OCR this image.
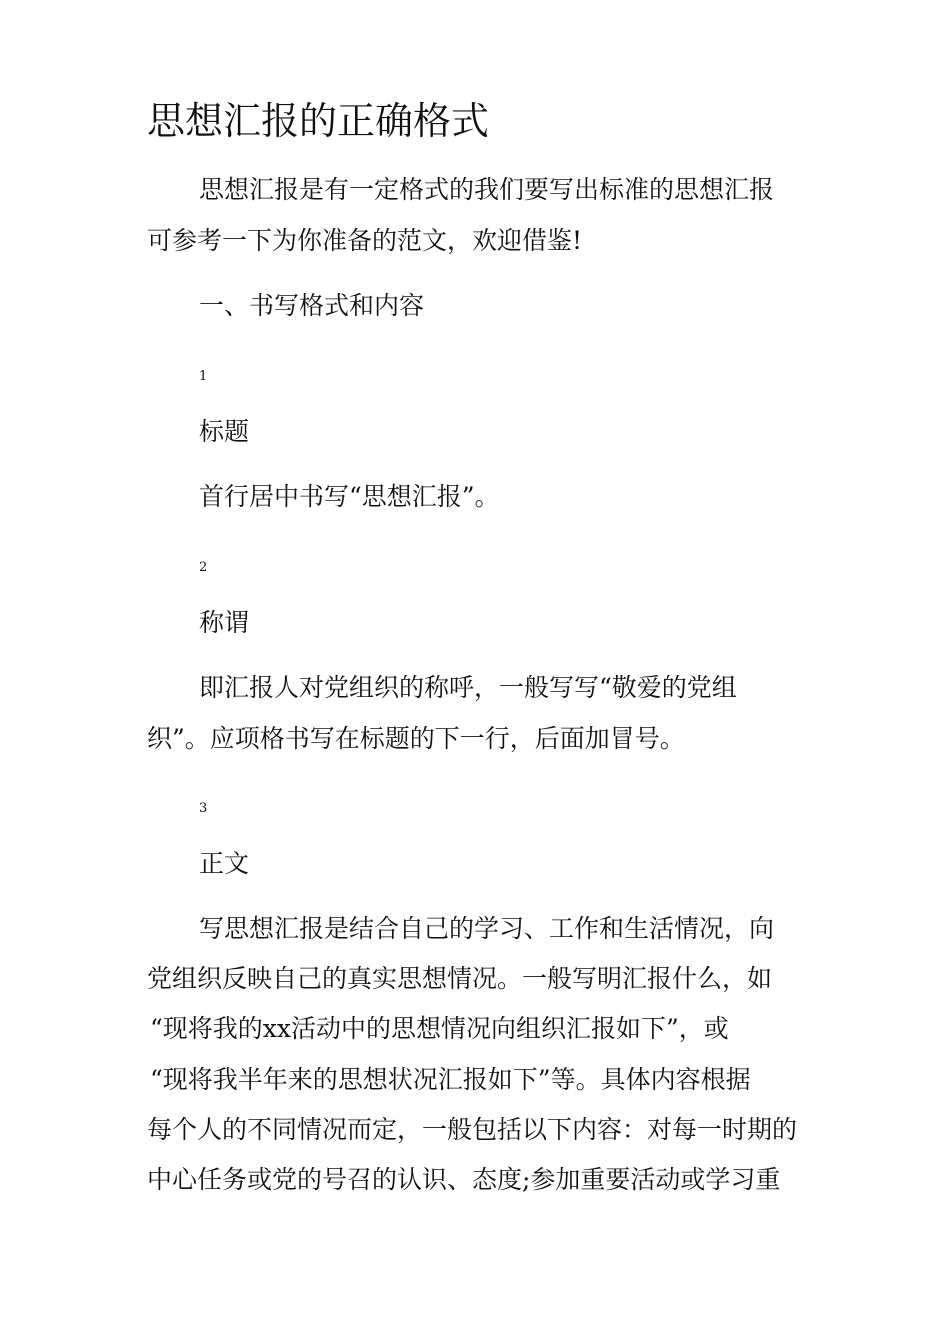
思想汇报的正确格式

思想汇报是有一定格式的我们要写出标准的思想汇报

可参考一下为你准备的范文，欢迎借鉴!

一、书写格式和内容

1

标题

首行居中书写“思想汇报”。

2

称谓

即汇报人对党组织的称呼，一般写写“敬爱的党组

织”。应项格书写在标题的下一行，后面加冒号。

3

正文

写思想汇报是结合自己的学习、工作和生活情况，向

党组织反映自己的真实思想情况。一般写明汇报什么，如

“现将我的xx活动中的思想情况向组织汇报如下”，或

“现将我半年来的思想状况汇报如下”等。具体内容根据

每个人的不同情况而定，一般包括以下内容：对每一时期的

中心任务或党的号召的认识、态度;参加重要活动或学习重
